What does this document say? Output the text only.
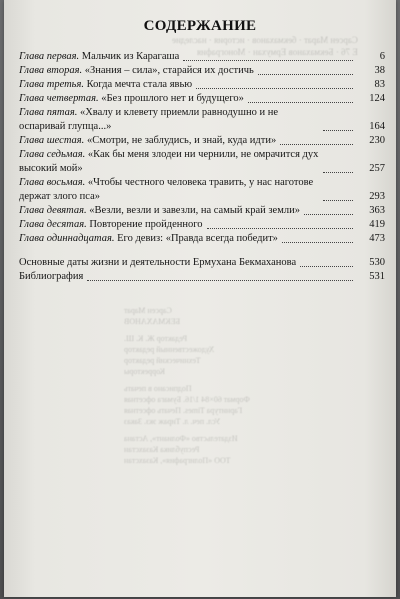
Сарсен Марат · бекмаханов · история · наследие
Е 76 · Бекмаханов Ермухан · Монография
Сарсен Марат
БЕКМАХАНОВ
Редактор Ж. К. Ш.
Художественный редактор
Технический редактор
Корректоры
Подписано в печать
Формат 60×84 1/16. Бумага офсетная
Гарнитура Times. Печать офсетная
Усл. печ. л. Тираж экз. Заказ
Издательство «Фолиант», Астана
Республика Казахстан
ТОО «Полиграфия», Казахстан
СОДЕРЖАНИЕ
Глава первая. Мальчик из Карагаша	6
Глава вторая. «Знания – сила», старайся их достичь	38
Глава третья. Когда мечта стала явью	83
Глава четвертая. «Без прошлого нет и будущего»	124
Глава пятая. «Хвалу и клевету приемли равнодушно и не оспаривай глупца...»	164
Глава шестая. «Смотри, не заблудись, и знай, куда идти»	230
Глава седьмая. «Как бы меня злодеи ни чернили, не омрачится дух высокий мой»	257
Глава восьмая. «Чтобы честного человека травить, у нас наготове держат злого пса»	293
Глава девятая. «Везли, везли и завезли, на самый край земли»	363
Глава десятая. Повторение пройденного	419
Глава одиннадцатая. Его девиз: «Правда всегда победит»	473
Основные даты жизни и деятельности Ермухана Бекмаханова	530
Библиография	531
